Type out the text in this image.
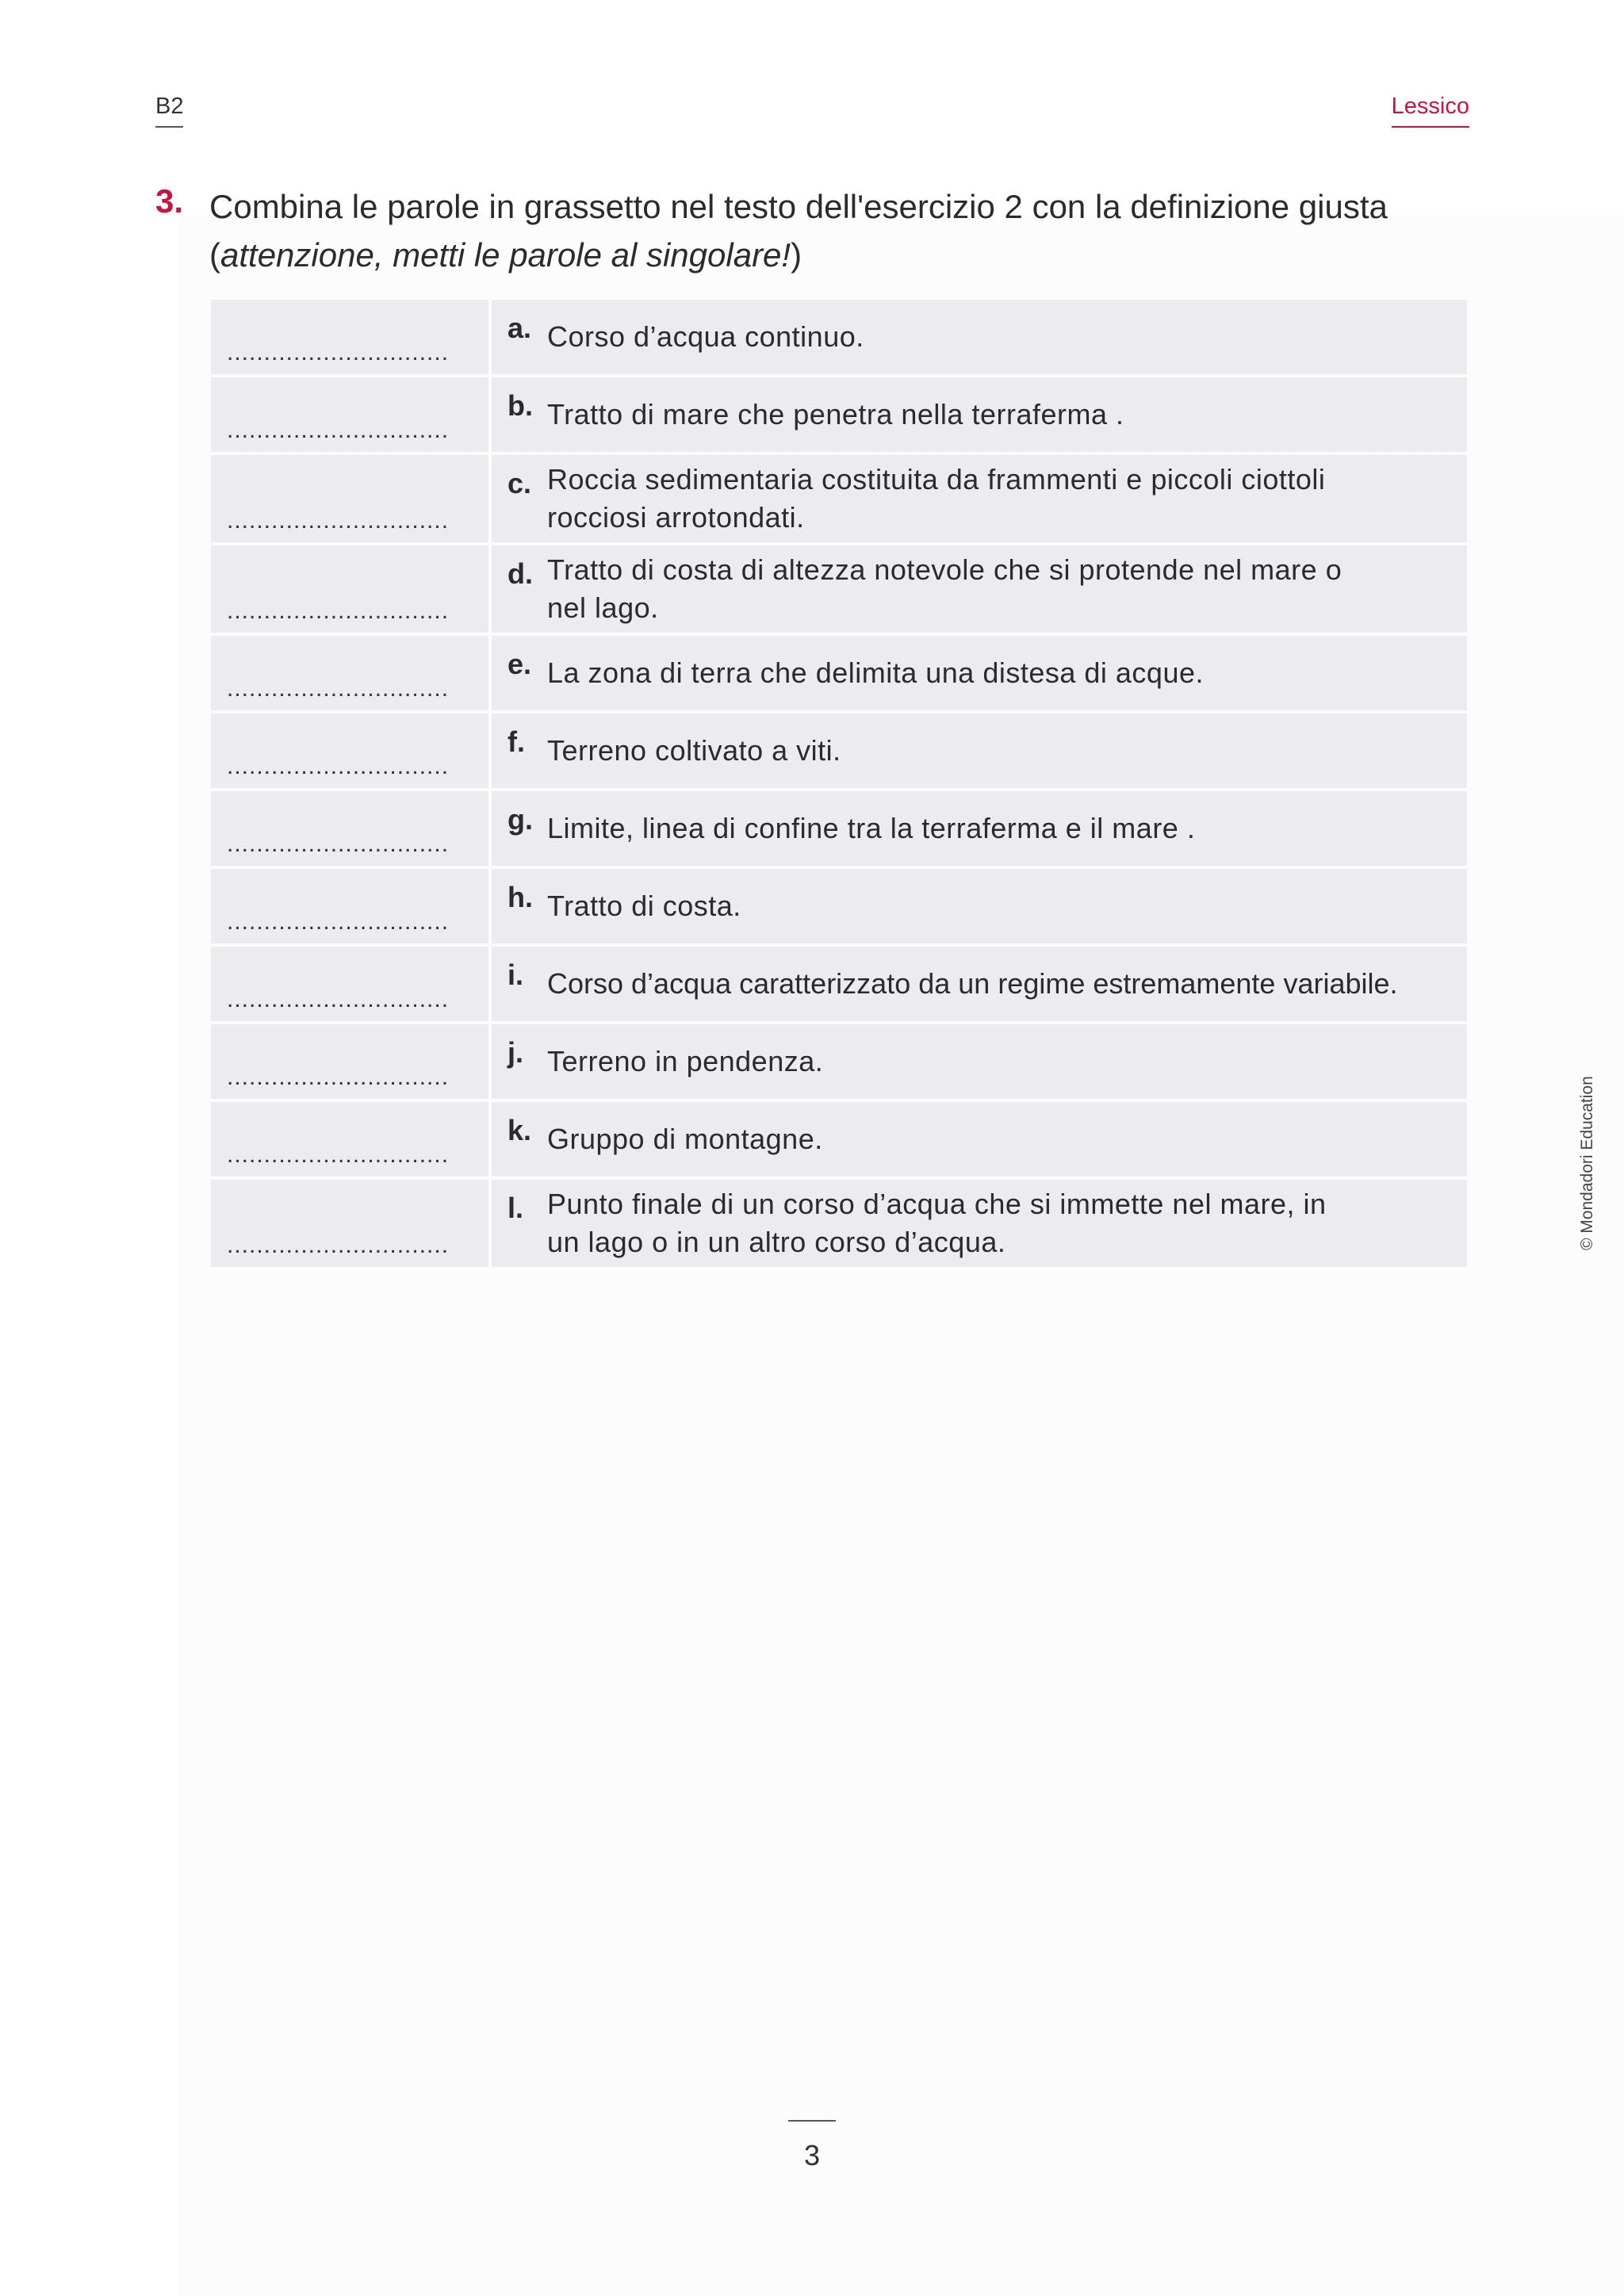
B2	Lessico
3. Combina le parole in grassetto nel testo dell'esercizio 2 con la definizione giusta
(attenzione, metti le parole al singolare!)
..............................
a. Corso d’acqua continuo.
..............................
b. Tratto di mare che penetra nella terraferma .
..............................
c. Roccia sedimentaria costituita da frammenti e piccoli ciottoli rocciosi arrotondati.
..............................
d. Tratto di costa di altezza notevole che si protende nel mare o nel lago.
..............................
e. La zona di terra che delimita una distesa di acque.
..............................
f. Terreno coltivato a viti.
..............................
g. Limite, linea di confine tra la terraferma e il mare .
..............................
h. Tratto di costa.
..............................
i. Corso d’acqua caratterizzato da un regime estremamente variabile.
..............................
j. Terreno in pendenza.
..............................
k. Gruppo di montagne.
..............................
l. Punto finale di un corso d’acqua che si immette nel mare, in un lago o in un altro corso d’acqua.	© Mondadori Education
3
